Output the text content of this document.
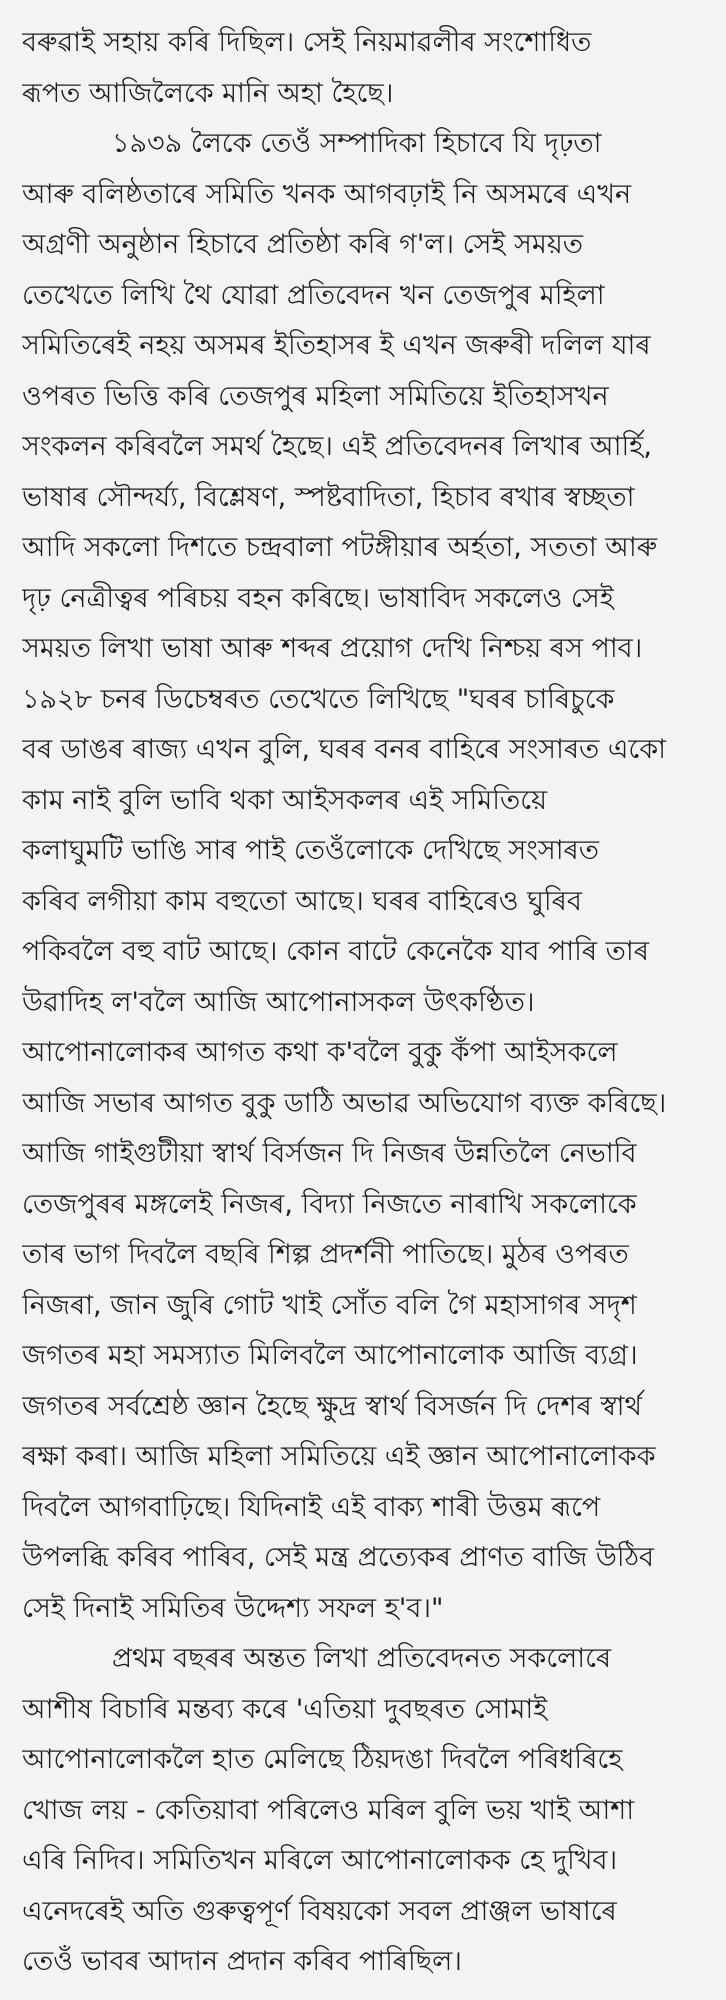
বৰুৱাই সহায় কৰি দিছিল। সেই নিয়মাৱলীৰ সংশোধিত
ৰূপত আজিলৈকে মানি অহা হৈছে।
১৯৩৯ লৈকে তেওঁ সম্পাদিকা হিচাবে যি দৃঢ়তা
আৰু বলিষ্ঠতাৰে সমিতি খনক আগবঢ়াই নি অসমৰে এখন
অগ্ৰণী অনুষ্ঠান হিচাবে প্ৰতিষ্ঠা কৰি গ'ল। সেই সময়ত
তেখেতে লিখি থৈ যোৱা প্ৰতিবেদন খন তেজপুৰ মহিলা
সমিতিৰেই নহয় অসমৰ ইতিহাসৰ ই এখন জৰুৰী দলিল যাৰ
ওপৰত ভিত্তি কৰি তেজপুৰ মহিলা সমিতিয়ে ইতিহাসখন
সংকলন কৰিবলৈ সমৰ্থ হৈছে। এই প্ৰতিবেদনৰ লিখাৰ আৰ্হি,
ভাষাৰ সৌন্দৰ্য্য, বিশ্লেষণ, স্পষ্টবাদিতা, হিচাব ৰখাৰ স্বচ্ছতা
আদি সকলো দিশতে চন্দ্ৰবালা পটঙ্গীয়াৰ অৰ্হতা, সততা আৰু
দৃঢ় নেত্ৰীত্বৰ পৰিচয় বহন কৰিছে। ভাষাবিদ সকলেও সেই
সময়ত লিখা ভাষা আৰু শব্দৰ প্ৰয়োগ দেখি নিশ্চয় ৰস পাব।
১৯২৮ চনৰ ডিচেম্বৰত তেখেতে লিখিছে "ঘৰৰ চাৰিচুকে
বৰ ডাঙৰ ৰাজ্য এখন বুলি, ঘৰৰ বনৰ বাহিৰে সংসাৰত একো
কাম নাই বুলি ভাবি থকা আইসকলৰ এই সমিতিয়ে
কলাঘুমটি ভাঙি সাৰ পাই তেওঁলোকে দেখিছে সংসাৰত
কৰিব লগীয়া কাম বহুতো আছে। ঘৰৰ বাহিৰেও ঘুৰিব
পকিবলৈ বহু বাট আছে। কোন বাটে কেনেকৈ যাব পাৰি তাৰ
উৱাদিহ ল'বলৈ আজি আপোনাসকল উৎকণ্ঠিত।
আপোনালোকৰ আগত কথা ক'বলৈ বুকু কঁপা আইসকলে
আজি সভাৰ আগত বুকু ডাঠি অভাৱ অভিযোগ ব্যক্ত কৰিছে।
আজি গাইগুটীয়া স্বাৰ্থ বিৰ্সজন দি নিজৰ উন্নতিলৈ নেভাবি
তেজপুৰৰ মঙ্গলেই নিজৰ, বিদ্যা নিজতে নাৰাখি সকলোকে
তাৰ ভাগ দিবলৈ বছৰি শিল্প প্ৰদৰ্শনী পাতিছে। মুঠৰ ওপৰত
নিজৰা, জান জুৰি গোট খাই সোঁত বলি গৈ মহাসাগৰ সদৃশ
জগতৰ মহা সমস্যাত মিলিবলৈ আপোনালোক আজি ব্যগ্ৰ।
জগতৰ সৰ্বশ্ৰেষ্ঠ জ্ঞান হৈছে ক্ষুদ্ৰ স্বাৰ্থ বিসৰ্জন দি দেশৰ স্বাৰ্থ
ৰক্ষা কৰা। আজি মহিলা সমিতিয়ে এই জ্ঞান আপোনালোকক
দিবলৈ আগবাঢ়িছে। যিদিনাই এই বাক্য শাৰী উত্তম ৰূপে
উপলব্ধি কৰিব পাৰিব, সেই মন্ত্ৰ প্ৰত্যেকৰ প্ৰাণত বাজি উঠিব
সেই দিনাই সমিতিৰ উদ্দেশ্য সফল হ'ব।"
প্ৰথম বছৰৰ অন্তত লিখা প্ৰতিবেদনত সকলোৰে
আশীষ বিচাৰি মন্তব্য কৰে 'এতিয়া দুবছৰত সোমাই
আপোনালোকলৈ হাত মেলিছে ঠিয়দঙা দিবলৈ পৰিধৰিহে
খোজ লয় - কেতিয়াবা পৰিলেও মৰিল বুলি ভয় খাই আশা
এৰি নিদিব। সমিতিখন মৰিলে আপোনালোকক হে দুখিব।
এনেদৰেই অতি গুৰুত্বপূৰ্ণ বিষয়কো সবল প্ৰাঞ্জল ভাষাৰে
তেওঁ ভাবৰ আদান প্ৰদান কৰিব পাৰিছিল।
